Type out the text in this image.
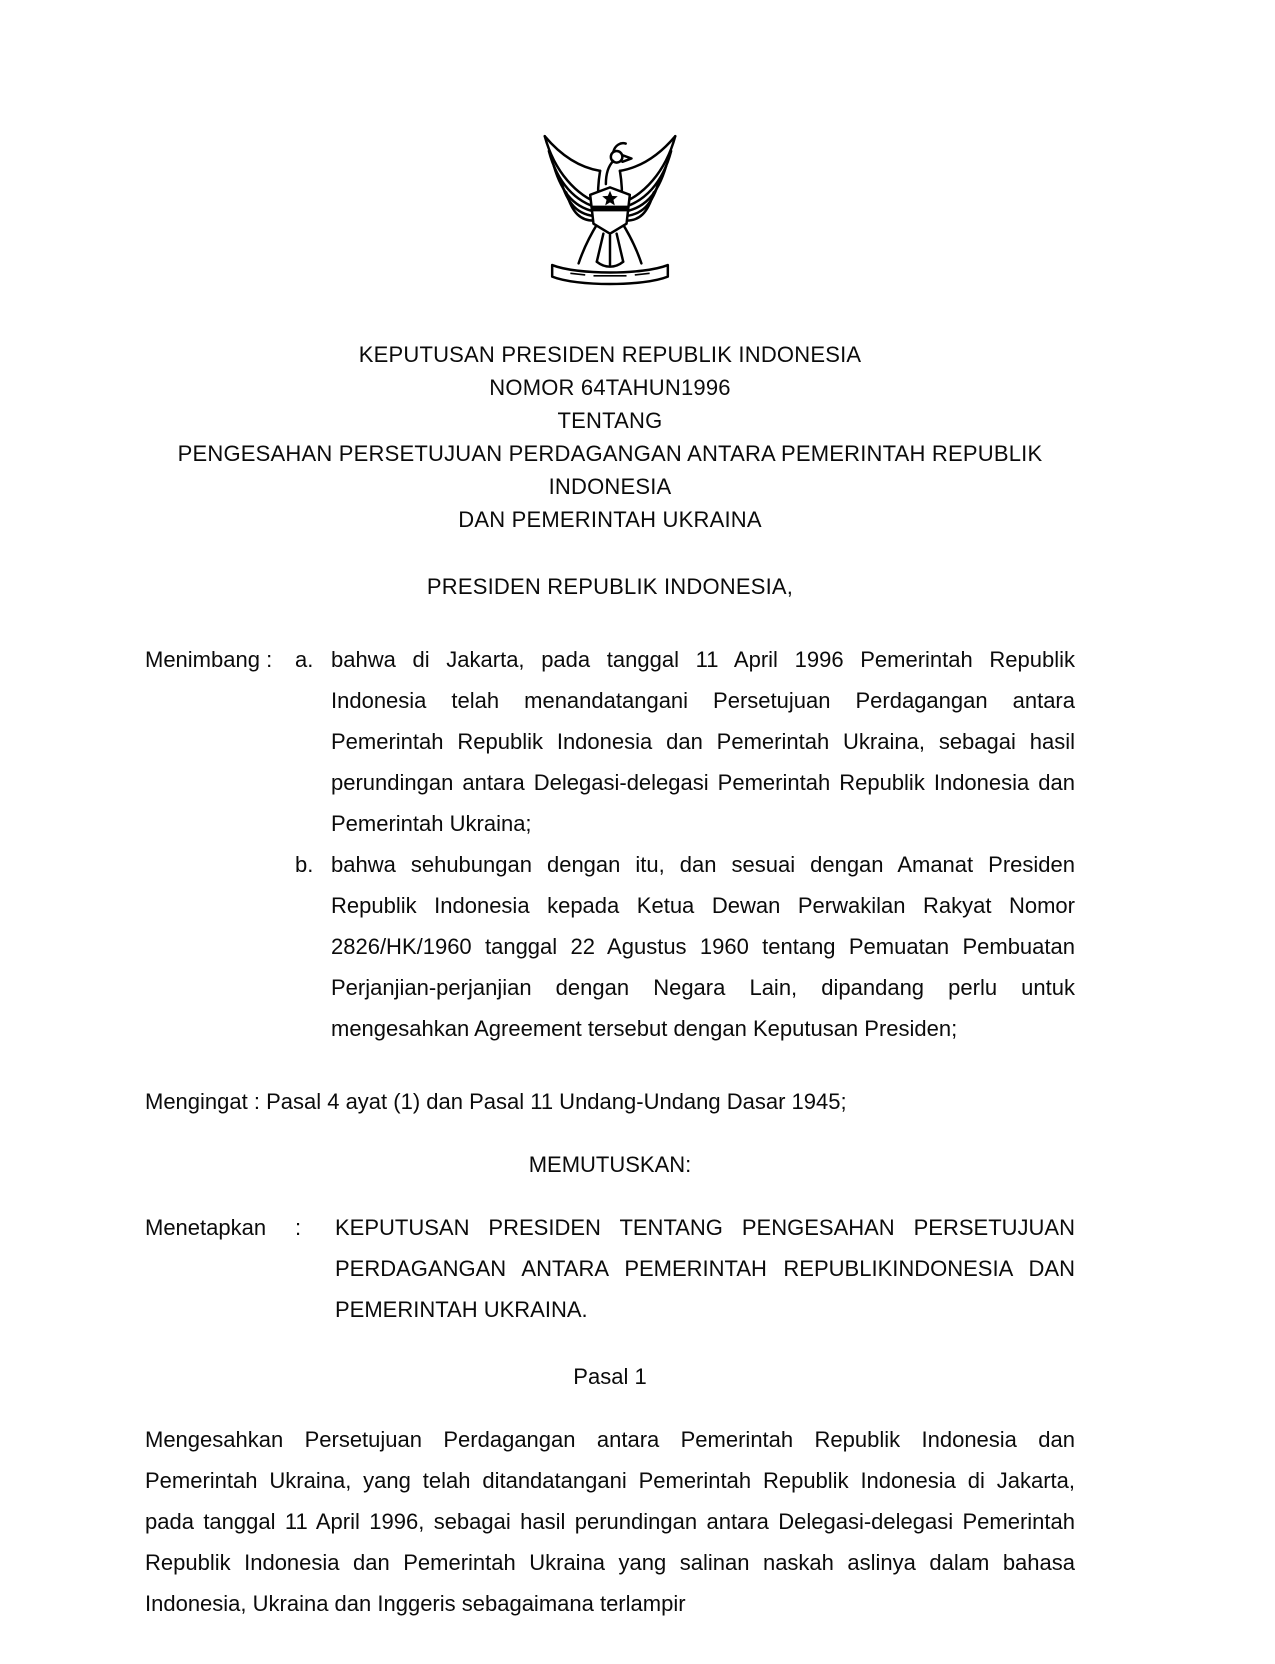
KEPUTUSAN PRESIDEN REPUBLIK INDONESIA
NOMOR 64TAHUN1996
TENTANG
PENGESAHAN PERSETUJUAN PERDAGANGAN ANTARA PEMERINTAH REPUBLIK INDONESIA
DAN PEMERINTAH UKRAINA
PRESIDEN REPUBLIK INDONESIA,
Menimbang :	a. bahwa di Jakarta, pada tanggal 11 April 1996 Pemerintah Republik Indonesia telah menandatangani Persetujuan Perdagangan antara Pemerintah Republik Indonesia dan Pemerintah Ukraina, sebagai hasil perundingan antara Delegasi-delegasi Pemerintah Republik Indonesia dan Pemerintah Ukraina;
b. bahwa sehubungan dengan itu, dan sesuai dengan Amanat Presiden Republik Indonesia kepada Ketua Dewan Perwakilan Rakyat Nomor 2826/HK/1960 tanggal 22 Agustus 1960 tentang Pemuatan Pembuatan Perjanjian-perjanjian dengan Negara Lain, dipandang perlu untuk mengesahkan Agreement tersebut dengan Keputusan Presiden;
Mengingat : Pasal 4 ayat (1) dan Pasal 11 Undang-Undang Dasar 1945;
MEMUTUSKAN:
Menetapkan	:	KEPUTUSAN PRESIDEN TENTANG PENGESAHAN PERSETUJUAN PERDAGANGAN ANTARA PEMERINTAH REPUBLIKINDONESIA DAN PEMERINTAH UKRAINA.
Pasal 1

Mengesahkan Persetujuan Perdagangan antara Pemerintah Republik Indonesia dan Pemerintah Ukraina, yang telah ditandatangani Pemerintah Republik Indonesia di Jakarta, pada tanggal 11 April 1996, sebagai hasil perundingan antara Delegasi-delegasi Pemerintah Republik Indonesia dan Pemerintah Ukraina yang salinan naskah aslinya dalam bahasa Indonesia, Ukraina dan Inggeris sebagaimana terlampir
